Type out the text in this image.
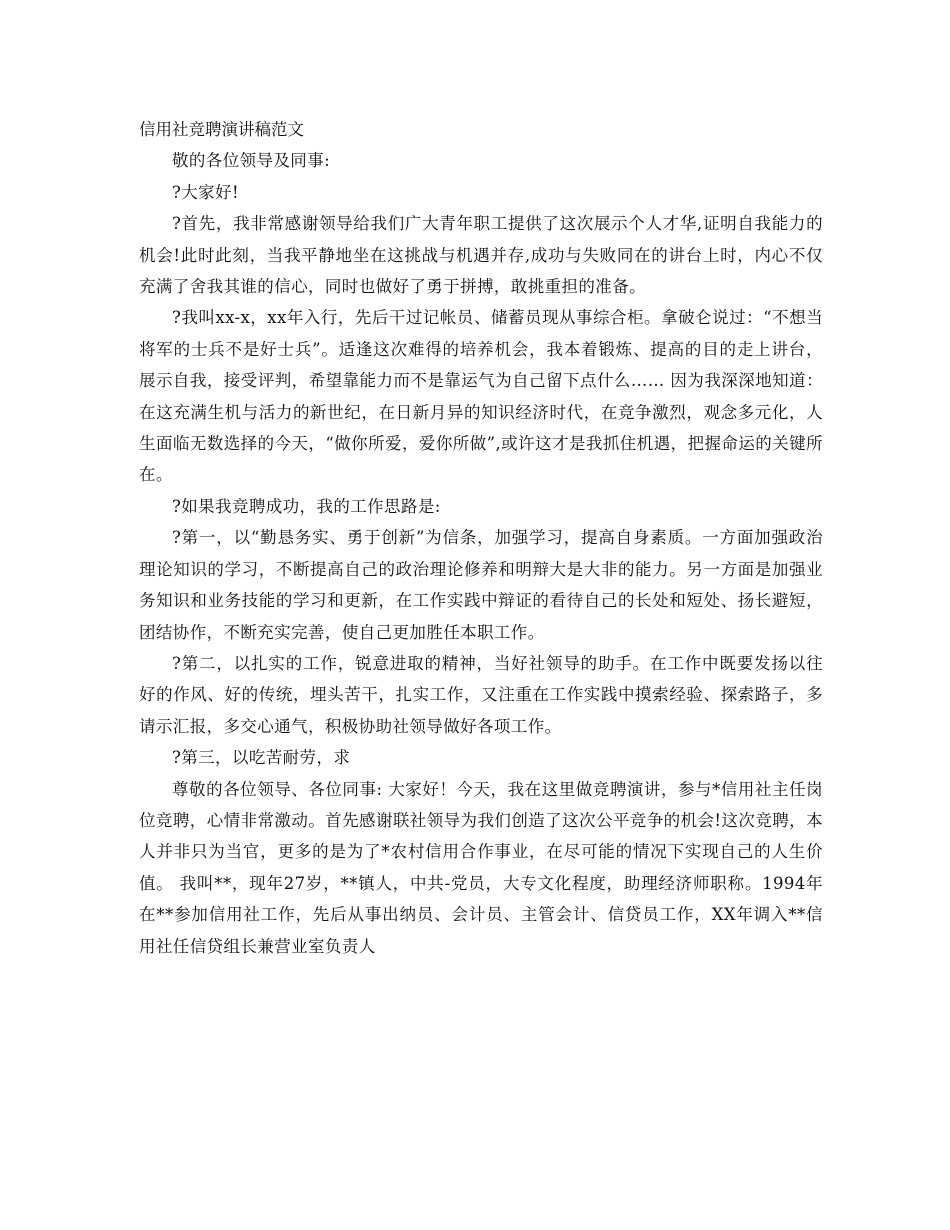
信用社竞聘演讲稿范文

敬的各位领导及同事:

?大家好!

?首先，我非常感谢领导给我们广大青年职工提供了这次展示个人才华,证明自我能力的机会!此时此刻，当我平静地坐在这挑战与机遇并存,成功与失败同在的讲台上时，内心不仅充满了舍我其谁的信心，同时也做好了勇于拼搏，敢挑重担的准备。

?我叫xx-x，xx年入行，先后干过记帐员、储蓄员现从事综合柜。拿破仑说过：“不想当将军的士兵不是好士兵”。适逢这次难得的培养机会，我本着锻炼、提高的目的走上讲台，展示自我，接受评判，希望靠能力而不是靠运气为自己留下点什么…… 因为我深深地知道：在这充满生机与活力的新世纪，在日新月异的知识经济时代，在竞争激烈，观念多元化，人生面临无数选择的今天，“做你所爱，爱你所做”,或许这才是我抓住机遇，把握命运的关键所在。

?如果我竞聘成功，我的工作思路是:

?第一，以“勤恳务实、勇于创新”为信条，加强学习，提高自身素质。一方面加强政治理论知识的学习，不断提高自己的政治理论修养和明辩大是大非的能力。另一方面是加强业务知识和业务技能的学习和更新，在工作实践中辩证的看待自己的长处和短处、扬长避短，团结协作，不断充实完善，使自己更加胜任本职工作。

?第二，以扎实的工作，锐意进取的精神，当好社领导的助手。在工作中既要发扬以往好的作风、好的传统，埋头苦干，扎实工作，又注重在工作实践中摸索经验、探索路子，多请示汇报，多交心通气，积极协助社领导做好各项工作。

?第三，以吃苦耐劳，求

尊敬的各位领导、各位同事: 大家好！今天，我在这里做竞聘演讲，参与*信用社主任岗位竞聘，心情非常激动。首先感谢联社领导为我们创造了这次公平竞争的机会!这次竞聘，本人并非只为当官，更多的是为了*农村信用合作事业，在尽可能的情况下实现自己的人生价值。 我叫**，现年27岁，**镇人，中共-党员，大专文化程度，助理经济师职称。1994年在**参加信用社工作，先后从事出纳员、会计员、主管会计、信贷员工作，XX年调入**信用社任信贷组长兼营业室负责人
